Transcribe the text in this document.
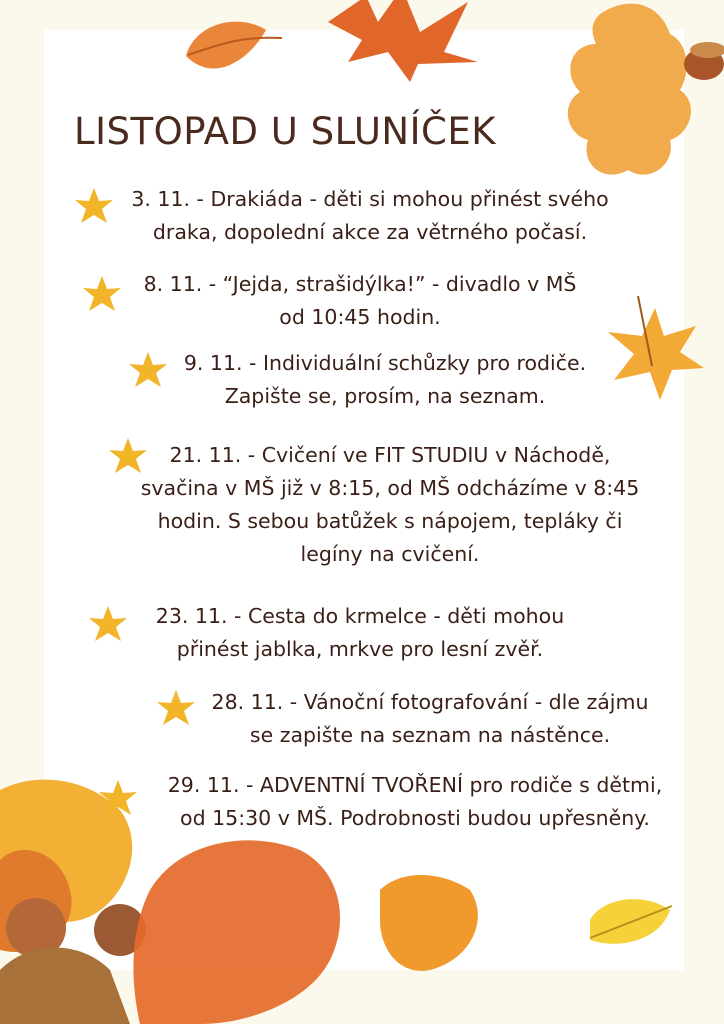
LISTOPAD U SLUNÍČEK
3. 11. - Drakiáda - děti si mohou přinést svého
draka, dopolední akce za větrného počasí.
8. 11. - “Jejda, strašidýlka!” - divadlo v MŠ
od 10:45 hodin.
9. 11. - Individuální schůzky pro rodiče.
Zapište se, prosím, na seznam.
21. 11. - Cvičení ve FIT STUDIU v Náchodě,
svačina v MŠ již v 8:15, od MŠ odcházíme v 8:45
hodin. S sebou batůžek s nápojem, tepláky či
legíny na cvičení.
23. 11. - Cesta do krmelce - děti mohou
přinést jablka, mrkve pro lesní zvěř.
28. 11. - Vánoční fotografování - dle zájmu
se zapište na seznam na nástěnce.
29. 11. - ADVENTNÍ TVOŘENÍ pro rodiče s dětmi,
od 15:30 v MŠ. Podrobnosti budou upřesněny.
